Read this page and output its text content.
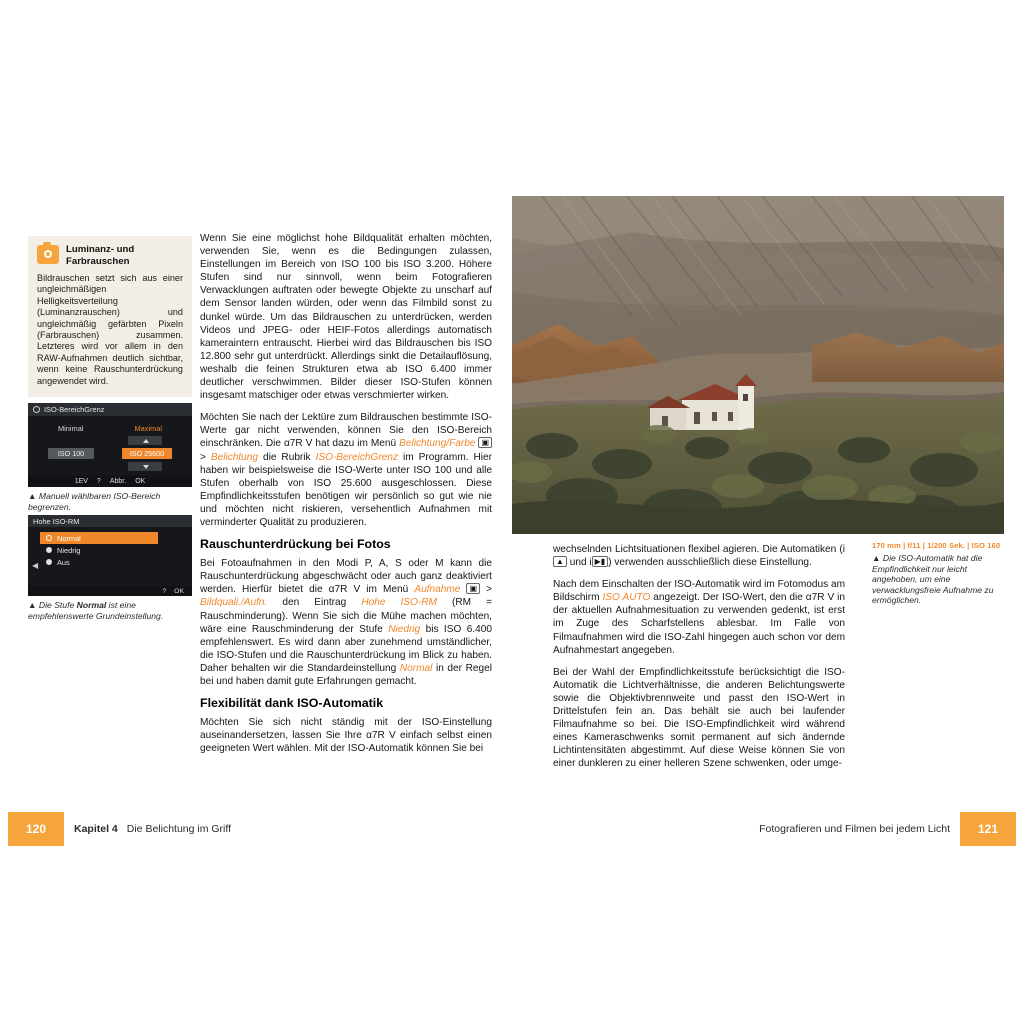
Luminanz- und Farbrauschen
Bildrauschen setzt sich aus einer ungleichmäßigen Helligkeitsverteilung (Luminanzrauschen) und ungleichmäßig gefärbten Pixeln (Farbrauschen) zusammen. Letzteres wird vor allem in den RAW-Aufnahmen deutlich sichtbar, wenn keine Rauschunterdrückung angewendet wird.
ISO-BereichGrenz
Minimal	Maximal
ISO 100	ISO 25600
1EV ? Abbr. OK
▲ Manuell wählbaren ISO-Bereich begrenzen.
Hohe ISO-RM
Normal
Niedrig
Aus
◀
? OK
▲ Die Stufe Normal ist eine empfehlenswerte Grundeinstellung.

Wenn Sie eine möglichst hohe Bildqualität erhalten möchten, verwenden Sie, wenn es die Bedingungen zulassen, Einstellungen im Bereich von ISO 100 bis ISO 3.200. Höhere Stufen sind nur sinnvoll, wenn beim Fotografieren Verwacklungen auftraten oder bewegte Objekte zu unscharf auf dem Sensor landen würden, oder wenn das Filmbild sonst zu dunkel würde. Um das Bildrauschen zu unterdrücken, werden Videos und JPEG- oder HEIF-Fotos allerdings automatisch kameraintern entrauscht. Hierbei wird das Bildrauschen bis ISO 12.800 sehr gut unterdrückt. Allerdings sinkt die Detailauflösung, weshalb die feinen Strukturen etwa ab ISO 6.400 immer deutlicher verschwimmen. Bilder dieser ISO-Stufen können insgesamt matschiger oder etwas verschmierter wirken.

Möchten Sie nach der Lektüre zum Bildrauschen bestimmte ISO-Werte gar nicht verwenden, können Sie den ISO-Bereich einschränken. Die α7R V hat dazu im Menü Belichtung/Farbe ▣ > Belichtung die Rubrik ISO-BereichGrenz im Programm. Hier haben wir beispielsweise die ISO-Werte unter ISO 100 und alle Stufen oberhalb von ISO 25.600 ausgeschlossen. Diese Empfindlichkeitsstufen benötigen wir persönlich so gut wie nie und möchten nicht riskieren, versehentlich Aufnahmen mit verminderter Qualität zu produzieren.

Rauschunterdrückung bei Fotos

Bei Fotoaufnahmen in den Modi P, A, S oder M kann die Rauschunterdrückung abgeschwächt oder auch ganz deaktiviert werden. Hierfür bietet die α7R V im Menü Aufnahme ▣ > Bildquali./Aufn. den Eintrag Hohe ISO-RM (RM = Rauschminderung). Wenn Sie sich die Mühe machen möchten, wäre eine Rauschminderung der Stufe Niedrig bis ISO 6.400 empfehlenswert. Es wird dann aber zunehmend umständlicher, die ISO-Stufen und die Rauschunterdrückung im Blick zu haben. Daher behalten wir die Standardeinstellung Normal in der Regel bei und haben damit gute Erfahrungen gemacht.

Flexibilität dank ISO-Automatik

Möchten Sie sich nicht ständig mit der ISO-Einstellung auseinandersetzen, lassen Sie Ihre α7R V einfach selbst einen geeigneten Wert wählen. Mit der ISO-Automatik können Sie bei

120	Kapitel 4 Die Belichtung im Griff

wechselnden Lichtsituationen flexibel agieren. Die Automatiken (i▲ und i ▶▮ ) verwenden ausschließlich diese Einstellung.

Nach dem Einschalten der ISO-Automatik wird im Fotomodus am Bildschirm ISO AUTO angezeigt. Der ISO-Wert, den die α7R V in der aktuellen Aufnahmesituation zu verwenden gedenkt, ist erst im Zuge des Scharfstellens ablesbar. Im Falle von Filmaufnahmen wird die ISO-Zahl hingegen auch schon vor dem Aufnahmestart angegeben.

Bei der Wahl der Empfindlichkeitsstufe berücksichtigt die ISO-Automatik die Lichtverhältnisse, die anderen Belichtungswerte sowie die Objektivbrennweite und passt den ISO-Wert in Drittelstufen fein an. Das behält sie auch bei laufender Filmaufnahme so bei. Die ISO-Empfindlichkeit wird während eines Kameraschwenks somit permanent auf sich ändernde Lichtintensitäten abgestimmt. Auf diese Weise können Sie von einer dunkleren zu einer helleren Szene schwenken, oder umge-

121
Fotografieren und Filmen bei jedem Licht
170 mm | f/11 | 1/200 Sek. | ISO 160
▲ Die ISO-Automatik hat die Empfindlichkeit nur leicht angehoben, um eine verwacklungsfreie Aufnahme zu ermöglichen.
